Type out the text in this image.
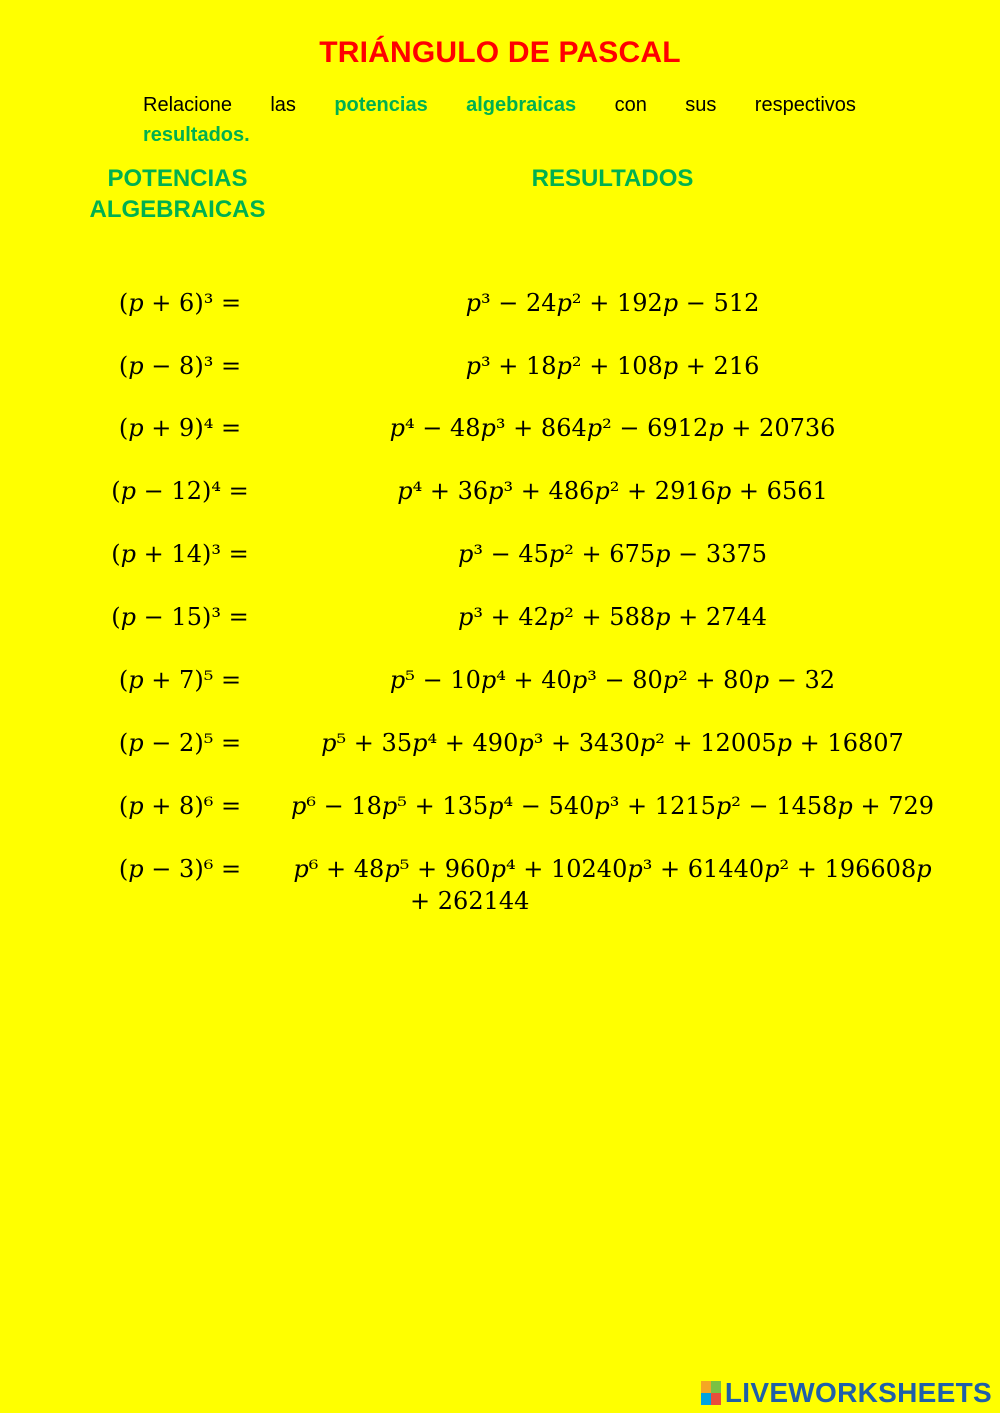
TRIÁNGULO DE PASCAL
Relacione las potencias algebraicas con sus respectivos
resultados.
POTENCIAS
ALGEBRAICAS
RESULTADOS
(p + 6)³ =	p³ − 24p² + 192p − 512
(p − 8)³ =	p³ + 18p² + 108p + 216
(p + 9)⁴ =	p⁴ − 48p³ + 864p² − 6912p + 20736
(p − 12)⁴ =	p⁴ + 36p³ + 486p² + 2916p + 6561
(p + 14)³ =	p³ − 45p² + 675p − 3375
(p − 15)³ =	p³ + 42p² + 588p + 2744
(p + 7)⁵ =	p⁵ − 10p⁴ + 40p³ − 80p² + 80p − 32
(p − 2)⁵ =	p⁵ + 35p⁴ + 490p³ + 3430p² + 12005p + 16807
(p + 8)⁶ =	p⁶ − 18p⁵ + 135p⁴ − 540p³ + 1215p² − 1458p + 729
(p − 3)⁶ =	p⁶ + 48p⁵ + 960p⁴ + 10240p³ + 61440p² + 196608p
+ 262144
LIVEWORKSHEETS
